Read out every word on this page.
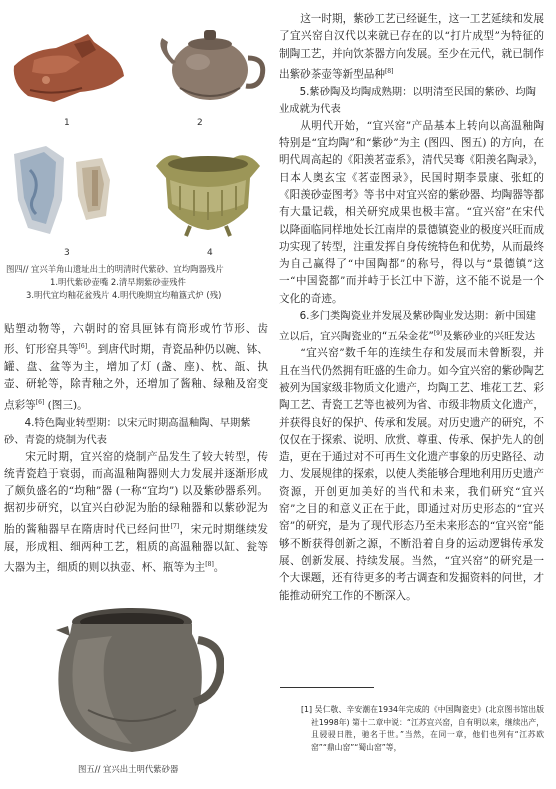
1	2
3	4

图四// 宜兴羊角山遗址出土的明清时代紫砂、宜均陶器残片

1.明代紫砂壶嘴 2.清早期紫砂壶残件

3.明代宜均釉花盆残片 4.明代晚期宜均釉簋式炉 (残)

贴塑动物等，六朝时的窑具匣钵有筒形或竹节形、齿形、钉形窑具等[6]。到唐代时期，青瓷品种仍以碗、钵、罐、盘、盆等为主，增加了灯 (盏、座)、枕、瓿、执壶、研轮等，除青釉之外，还增加了酱釉、绿釉及窑变点彩等[6] (图三)。

4.特色陶业转型期：以宋元时期高温釉陶、早期紫砂、青瓷的烧制为代表

宋元时期，宜兴窑的烧制产品发生了较大转型，传统青瓷趋于衰弱，而高温釉陶器则大力发展并逐渐形成了颇负盛名的“均釉”器 (一称“宜均”) 以及紫砂器系列。据初步研究，以宜兴白砂泥为胎的绿釉器和以紫砂泥为胎的酱釉器早在隋唐时代已经问世[7]，宋元时期继续发展，形成粗、细两种工艺，粗质的高温釉器以缸、瓮等大器为主，细质的则以执壶、杯、瓶等为主[8]。

图五// 宜兴出土明代紫砂器

这一时期，紫砂工艺已经诞生，这一工艺延续和发展了宜兴窑自汉代以来就已存在的以“打片成型”为特征的制陶工艺，并向饮茶器方向发展。至少在元代，就已制作出紫砂茶壶等新型品种[8]

5.紫砂陶及均陶成熟期：以明清至民国的紫砂、均陶业成就为代表

从明代开始，“宜兴窑”产品基本上转向以高温釉陶特别是“宜均陶”和“紫砂”为主 (图四、图五) 的方向，在明代周高起的《阳羡茗壶系》，清代吴骞《阳羡名陶录》，日本人奥玄宝《茗壶图录》，民国时期李景康、张虹的《阳羡砂壶图考》等书中对宜兴窑的紫砂器、均陶器等都有大量记载，相关研究成果也极丰富。“宜兴窑”在宋代以降面临同样地处长江南岸的景德镇瓷业的极度兴旺而成功实现了转型，注重发挥自身传统特色和优势，从而最终为自己赢得了“中国陶都”的称号，得以与“景德镇”这一“中国瓷都”而并峙于长江中下游，这不能不说是一个文化的奇迹。

6.多门类陶瓷业并发展及紫砂陶业发达期：新中国建立以后，宜兴陶瓷业的“五朵金花”[9]及紫砂业的兴旺发达

“宜兴窑”数千年的连续生存和发展而未曾断裂，并且在当代仍然拥有旺盛的生命力。如今宜兴窑的紫砂陶艺被列为国家级非物质文化遗产，均陶工艺、堆花工艺、彩陶工艺、青瓷工艺等也被列为省、市级非物质文化遗产，并获得良好的保护、传承和发展。对历史遗产的研究，不仅仅在于探索、说明、欣赏、尊重、传承、保护先人的创造，更在于通过对不可再生文化遗产事象的历史路径、动力、发展规律的探索，以使人类能够合理地利用历史遗产资源，开创更加美好的当代和未来，我们研究“宜兴窑”之目的和意义正在于此，即通过对历史形态的“宜兴窑”的研究，是为了现代形态乃至未来形态的“宜兴窑”能够不断获得创新之源，不断沿着自身的运动逻辑传承发展、创新发展、持续发展。当然，“宜兴窑”的研究是一个大课题，还有待更多的考古调查和发掘资料的问世，才能推动研究工作的不断深入。

[1] 吴仁敬、辛安潮在1934年完成的《中国陶瓷史》(北京图书馆出版社1998年) 第十二章中说：“江苏宜兴窑，自有明以来，继续出产，且骎骎日胜，驰名于世。”当然，在同一章，他们也列有“江苏欧窑”“鼎山窑”“蜀山窑”等，
